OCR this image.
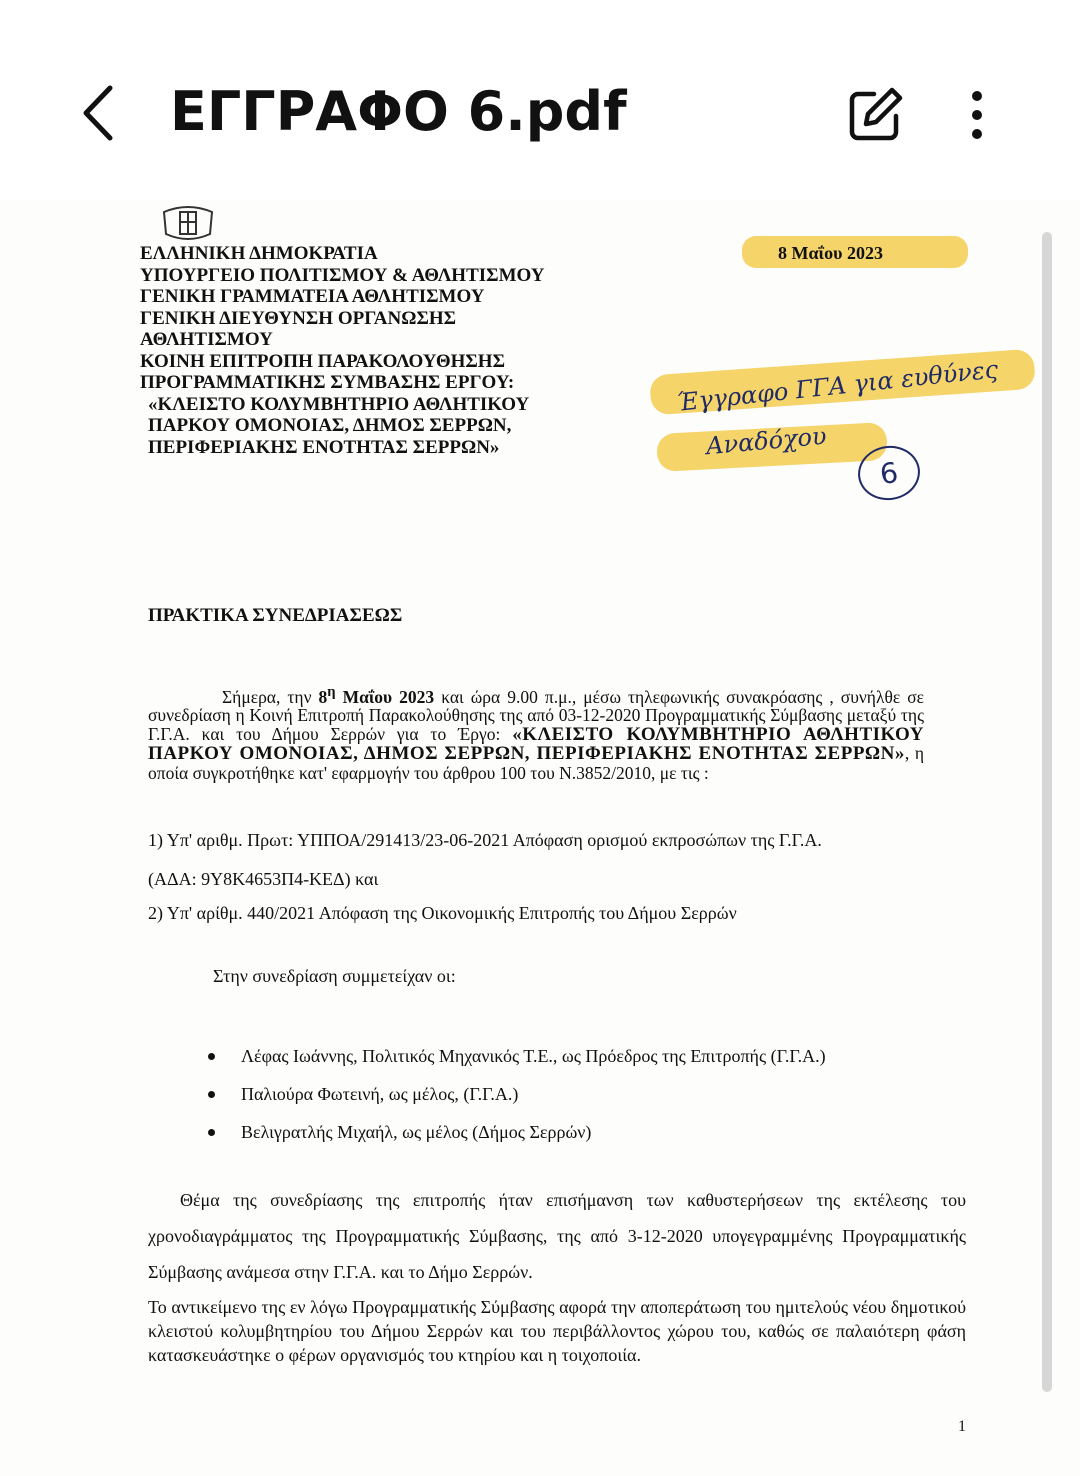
ΕΓΓΡΑΦΟ 6.pdf
ΕΛΛΗΝΙΚΗ ΔΗΜΟΚΡΑΤΙΑ
ΥΠΟΥΡΓΕΙΟ ΠΟΛΙΤΙΣΜΟΥ & ΑΘΛΗΤΙΣΜΟΥ
ΓΕΝΙΚΗ ΓΡΑΜΜΑΤΕΙΑ ΑΘΛΗΤΙΣΜΟΥ
ΓΕΝΙΚΗ ΔΙΕΥΘΥΝΣΗ ΟΡΓΑΝΩΣΗΣ
ΑΘΛΗΤΙΣΜΟΥ
ΚΟΙΝΗ ΕΠΙΤΡΟΠΗ ΠΑΡΑΚΟΛΟΥΘΗΣΗΣ
ΠΡΟΓΡΑΜΜΑΤΙΚΗΣ ΣΥΜΒΑΣΗΣ ΕΡΓΟΥ:
«ΚΛΕΙΣΤΟ ΚΟΛΥΜΒΗΤΗΡΙΟ ΑΘΛΗΤΙΚΟΥ
ΠΑΡΚΟΥ ΟΜΟΝΟΙΑΣ, ΔΗΜΟΣ ΣΕΡΡΩΝ,
ΠΕΡΙΦΕΡΙΑΚΗΣ ΕΝΟΤΗΤΑΣ ΣΕΡΡΩΝ»
8 Μαΐου 2023
Έγγραφο ΓΓΑ για ευθύνες
Αναδόχου
6
ΠΡΑΚΤΙΚΑ ΣΥΝΕΔΡΙΑΣΕΩΣ

Σήμερα, την $8^\eta$ Μαΐου 2023 και ώρα 9.00 π.μ., μέσω τηλεφωνικής συνακρόασης , συνήλθε σε συνεδρίαση η Κοινή Επιτροπή Παρακολούθησης της από 03-12-2020 Προγραμματικής Σύμβασης μεταξύ της Γ.Γ.Α. και του Δήμου Σερρών για το Έργο: «ΚΛΕΙΣΤΟ ΚΟΛΥΜΒΗΤΗΡΙΟ ΑΘΛΗΤΙΚΟΥ ΠΑΡΚΟΥ ΟΜΟΝΟΙΑΣ, ΔΗΜΟΣ ΣΕΡΡΩΝ, ΠΕΡΙΦΕΡΙΑΚΗΣ ΕΝΟΤΗΤΑΣ ΣΕΡΡΩΝ», η οποία συγκροτήθηκε κατ' εφαρμογήν του άρθρου 100 του Ν.3852/2010, με τις :

1) Υπ' αριθμ. Πρωτ: ΥΠΠΟΑ/291413/23-06-2021 Απόφαση ορισμού εκπροσώπων της Γ.Γ.Α.
(ΑΔΑ: 9Υ8Κ4653Π4-ΚΕΔ) και
2) Υπ' αρίθμ. 440/2021 Απόφαση της Οικονομικής Επιτροπής του Δήμου Σερρών
Στην συνεδρίαση συμμετείχαν οι:
Λέφας Ιωάννης, Πολιτικός Μηχανικός Τ.Ε., ως Πρόεδρος της Επιτροπής (Γ.Γ.Α.)
Παλιούρα Φωτεινή, ως μέλος, (Γ.Γ.Α.)
Βελιγρατλής Μιχαήλ, ως μέλος (Δήμος Σερρών)

Θέμα της συνεδρίασης της επιτροπής ήταν επισήμανση των καθυστερήσεων της εκτέλεσης του χρονοδιαγράμματος της Προγραμματικής Σύμβασης, της από 3-12-2020 υπογεγραμμένης Προγραμματικής Σύμβασης ανάμεσα στην Γ.Γ.Α. και το Δήμο Σερρών.

Το αντικείμενο της εν λόγω Προγραμματικής Σύμβασης αφορά την αποπεράτωση του ημιτελούς νέου δημοτικού κλειστού κολυμβητηρίου του Δήμου Σερρών και του περιβάλλοντος χώρου του, καθώς σε παλαιότερη φάση κατασκευάστηκε ο φέρων οργανισμός του κτηρίου και η τοιχοποιία.

1
